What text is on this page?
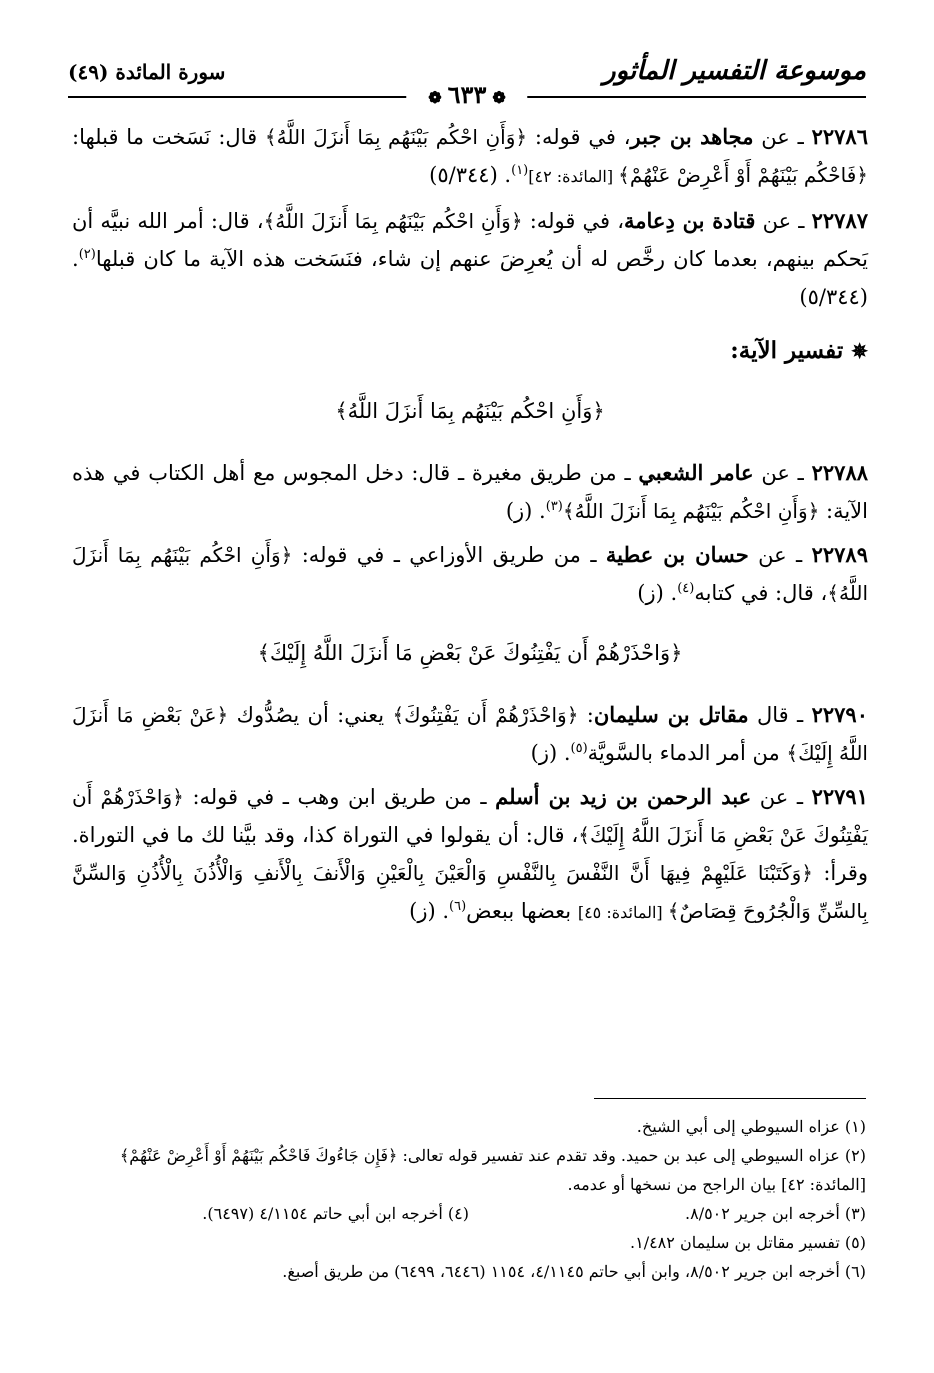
موسوعة التفسير المأثور
سورة المائدة (٤٩)
❁٦٣٣❁

٢٢٧٨٦ ـ عن مجاهد بن جبر، في قوله: ﴿وَأَنِ احْكُم بَيْنَهُم بِمَا أَنزَلَ اللَّهُ﴾ قال: نَسَخت ما قبلها: ﴿فَاحْكُم بَيْنَهُمْ أَوْ أَعْرِضْ عَنْهُمْ﴾ [المائدة: ٤٢]$^{(١)}$. (٥/٣٤٤)

٢٢٧٨٧ ـ عن قتادة بن دِعامة، في قوله: ﴿وَأَنِ احْكُم بَيْنَهُم بِمَا أَنزَلَ اللَّهُ﴾، قال: أمر الله نبيَّه أن يَحكم بينهم، بعدما كان رخَّص له أن يُعرِضَ عنهم إن شاء، فنَسَخت هذه الآية ما كان قبلها$^{(٢)}$. (٥/٣٤٤)

✵تفسير الآية:
﴿وَأَنِ احْكُم بَيْنَهُم بِمَا أَنزَلَ اللَّهُ﴾

٢٢٧٨٨ ـ عن عامر الشعبي ـ من طريق مغيرة ـ قال: دخل المجوس مع أهل الكتاب في هذه الآية: ﴿وَأَنِ احْكُم بَيْنَهُم بِمَا أَنزَلَ اللَّهُ﴾$^{(٣)}$. (ز)

٢٢٧٨٩ ـ عن حسان بن عطية ـ من طريق الأوزاعي ـ في قوله: ﴿وَأَنِ احْكُم بَيْنَهُم بِمَا أَنزَلَ اللَّهُ﴾، قال: في كتابه$^{(٤)}$. (ز)

﴿وَاحْذَرْهُمْ أَن يَفْتِنُوكَ عَنْ بَعْضِ مَا أَنزَلَ اللَّهُ إِلَيْكَ﴾

٢٢٧٩٠ ـ قال مقاتل بن سليمان: ﴿وَاحْذَرْهُمْ أَن يَفْتِنُوكَ﴾ يعني: أن يصُدُّوك ﴿عَنْ بَعْضِ مَا أَنزَلَ اللَّهُ إِلَيْكَ﴾ من أمر الدماء بالسَّويَّة$^{(٥)}$. (ز)

٢٢٧٩١ ـ عن عبد الرحمن بن زيد بن أسلم ـ من طريق ابن وهب ـ في قوله: ﴿وَاحْذَرْهُمْ أَن يَفْتِنُوكَ عَنْ بَعْضِ مَا أَنزَلَ اللَّهُ إِلَيْكَ﴾، قال: أن يقولوا في التوراة كذا، وقد بيَّنا لك ما في التوراة. وقرأ: ﴿وَكَتَبْنَا عَلَيْهِمْ فِيهَا أَنَّ النَّفْسَ بِالنَّفْسِ وَالْعَيْنَ بِالْعَيْنِ وَالْأَنفَ بِالْأَنفِ وَالْأُذُنَ بِالْأُذُنِ وَالسِّنَّ بِالسِّنِّ وَالْجُرُوحَ قِصَاصٌ﴾ [المائدة: ٤٥] بعضها ببعض$^{(٦)}$. (ز)

(١) عزاه السيوطي إلى أبي الشيخ.
(٢) عزاه السيوطي إلى عبد بن حميد. وقد تقدم عند تفسير قوله تعالى: ﴿فَإِن جَاءُوكَ فَاحْكُم بَيْنَهُمْ أَوْ أَعْرِضْ عَنْهُمْ﴾ [المائدة: ٤٢] بيان الراجح من نسخها أو عدمه.
(٣) أخرجه ابن جرير ٨/٥٠٢.
(٤) أخرجه ابن أبي حاتم ٤/١١٥٤ (٦٤٩٧).
(٥) تفسير مقاتل بن سليمان ١/٤٨٢.
(٦) أخرجه ابن جرير ٨/٥٠٢، وابن أبي حاتم ٤/١١٤٥، ١١٥٤ (٦٤٤٦، ٦٤٩٩) من طريق أصبغ.
